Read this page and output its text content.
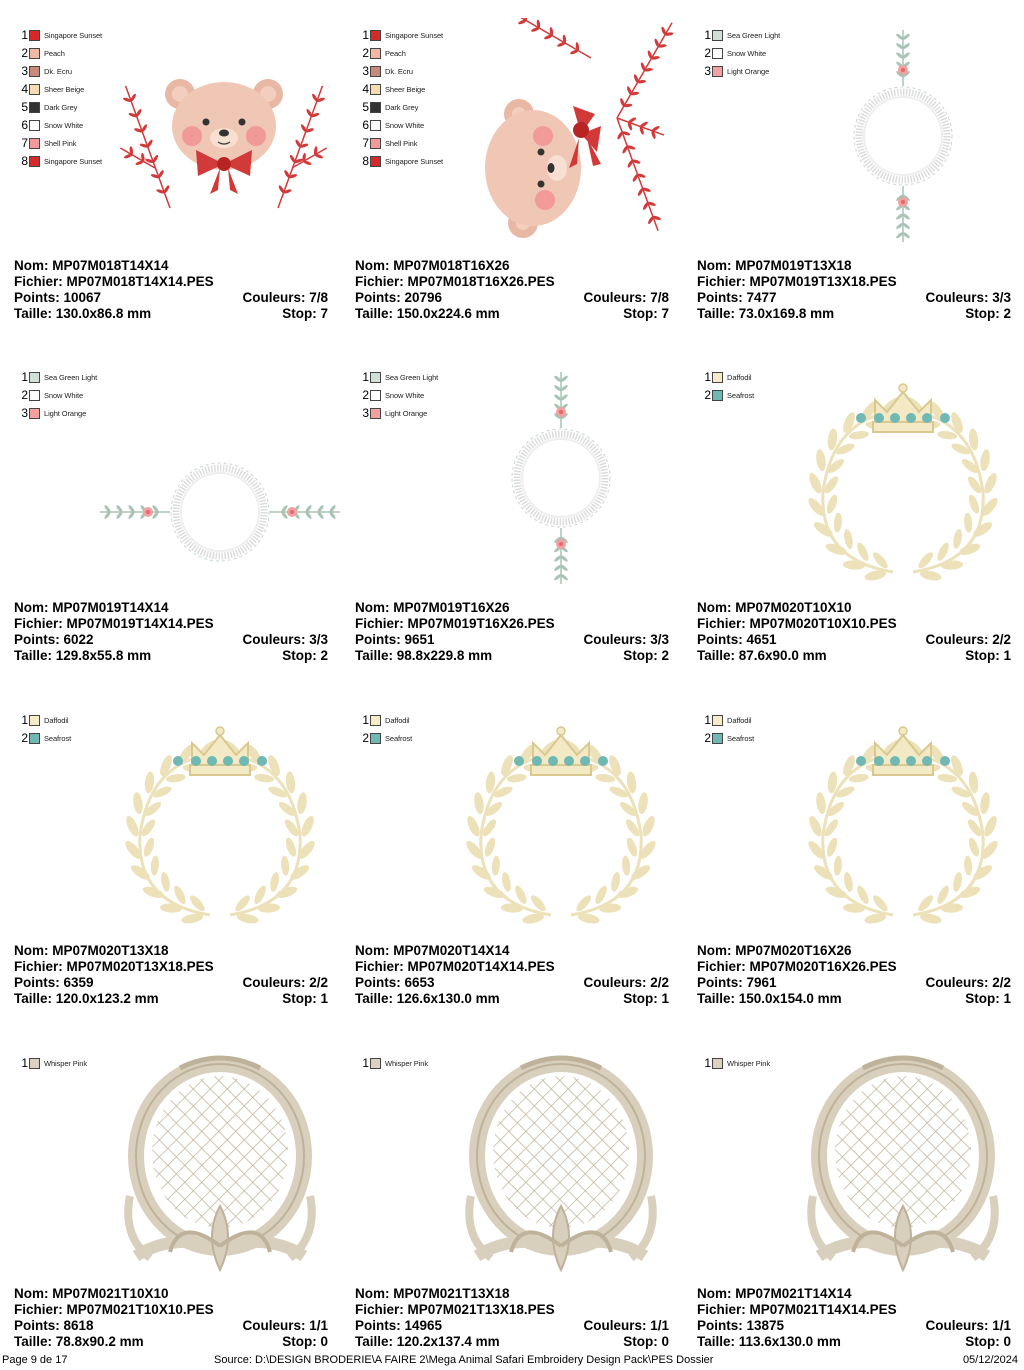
1 Singapore Sunset
2 Peach
3 Dk. Ecru
4 Sheer Beige
5 Dark Grey
6 Snow White
7 Shell Pink
8 Singapore Sunset
Nom: MP07M018T14X14
Fichier: MP07M018T14X14.PES
Points: 10067	Couleurs: 7/8
Taille: 130.0x86.8 mm	Stop: 7
1 Singapore Sunset
2 Peach
3 Dk. Ecru
4 Sheer Beige
5 Dark Grey
6 Snow White
7 Shell Pink
8 Singapore Sunset
Nom: MP07M018T16X26
Fichier: MP07M018T16X26.PES
Points: 20796	Couleurs: 7/8
Taille: 150.0x224.6 mm	Stop: 7
1 Sea Green Light
2 Snow White
3 Light Orange
Nom: MP07M019T13X18
Fichier: MP07M019T13X18.PES
Points: 7477	Couleurs: 3/3
Taille: 73.0x169.8 mm	Stop: 2
1 Sea Green Light
2 Snow White
3 Light Orange
Nom: MP07M019T14X14
Fichier: MP07M019T14X14.PES
Points: 6022	Couleurs: 3/3
Taille: 129.8x55.8 mm	Stop: 2
1 Sea Green Light
2 Snow White
3 Light Orange
Nom: MP07M019T16X26
Fichier: MP07M019T16X26.PES
Points: 9651	Couleurs: 3/3
Taille: 98.8x229.8 mm	Stop: 2
1 Daffodil
2 Seafrost
Nom: MP07M020T10X10
Fichier: MP07M020T10X10.PES
Points: 4651	Couleurs: 2/2
Taille: 87.6x90.0 mm	Stop: 1
1 Daffodil
2 Seafrost
Nom: MP07M020T13X18
Fichier: MP07M020T13X18.PES
Points: 6359	Couleurs: 2/2
Taille: 120.0x123.2 mm	Stop: 1
1 Daffodil
2 Seafrost
Nom: MP07M020T14X14
Fichier: MP07M020T14X14.PES
Points: 6653	Couleurs: 2/2
Taille: 126.6x130.0 mm	Stop: 1
1 Daffodil
2 Seafrost
Nom: MP07M020T16X26
Fichier: MP07M020T16X26.PES
Points: 7961	Couleurs: 2/2
Taille: 150.0x154.0 mm	Stop: 1
1 Whisper Pink
Nom: MP07M021T10X10
Fichier: MP07M021T10X10.PES
Points: 8618	Couleurs: 1/1
Taille: 78.8x90.2 mm	Stop: 0
1 Whisper Pink
Nom: MP07M021T13X18
Fichier: MP07M021T13X18.PES
Points: 14965	Couleurs: 1/1
Taille: 120.2x137.4 mm	Stop: 0
1 Whisper Pink
Nom: MP07M021T14X14
Fichier: MP07M021T14X14.PES
Points: 13875	Couleurs: 1/1
Taille: 113.6x130.0 mm	Stop: 0
Page 9 de 17	Source: D:\DESIGN BRODERIE\A FAIRE 2\Mega Animal Safari Embroidery Design Pack\PES Dossier	05/12/2024
